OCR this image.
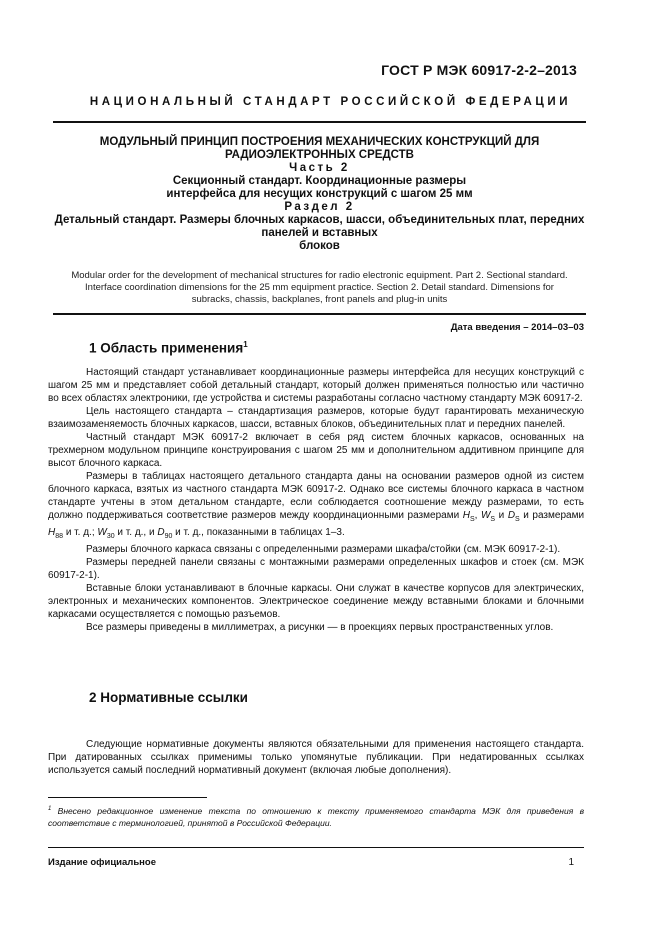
ГОСТ Р МЭК 60917-2-2–2013
НАЦИОНАЛЬНЫЙ СТАНДАРТ РОССИЙСКОЙ ФЕДЕРАЦИИ
МОДУЛЬНЫЙ ПРИНЦИП ПОСТРОЕНИЯ МЕХАНИЧЕСКИХ КОНСТРУКЦИЙ ДЛЯ
РАДИОЭЛЕКТРОННЫХ СРЕДСТВ
Часть 2
Секционный стандарт. Координационные размеры
интерфейса для несущих конструкций с шагом 25 мм
Раздел 2
Детальный стандарт. Размеры блочных каркасов, шасси, объединительных плат, передних
панелей и вставных
блоков
Modular order for the development of mechanical structures for radio electronic equipment. Part 2. Sectional standard.
Interface coordination dimensions for the 25 mm equipment practice. Section 2. Detail standard. Dimensions for
subracks, chassis, backplanes, front panels and plug-in units
Дата введения – 2014–03–03
1 Область применения$^1$

Настоящий стандарт устанавливает координационные размеры интерфейса для несущих конструкций с шагом 25 мм и представляет собой детальный стандарт, который должен применяться полностью или частично во всех областях электроники, где устройства и системы разработаны согласно частному стандарту МЭК 60917-2.

Цель настоящего стандарта – стандартизация размеров, которые будут гарантировать механическую взаимозаменяемость блочных каркасов, шасси, вставных блоков, объединительных плат и передних панелей.

Частный стандарт МЭК 60917-2 включает в себя ряд систем блочных каркасов, основанных на трехмерном модульном принципе конструирования с шагом 25 мм и дополнительном аддитивном принципе для высот блочного каркаса.

Размеры в таблицах настоящего детального стандарта даны на основании размеров одной из систем блочного каркаса, взятых из частного стандарта МЭК 60917-2. Однако все системы блочного каркаса в частном стандарте учтены в этом детальном стандарте, если соблюдается соотношение между размерами, то есть должно поддерживаться соответствие размеров между координационными размерами $H_S$, $W_S$ и $D_S$ и размерами $H_{88}$ и т. д.; $W_{30}$ и т. д., и $D_{90}$ и т. д., показанными в таблицах 1–3.

Размеры блочного каркаса связаны с определенными размерами шкафа/стойки (см. МЭК 60917-2-1).

Размеры передней панели связаны с монтажными размерами определенных шкафов и стоек (см. МЭК 60917-2-1).

Вставные блоки устанавливают в блочные каркасы. Они служат в качестве корпусов для электрических, электронных и механических компонентов. Электрическое соединение между вставными блоками и блочными каркасами осуществляется с помощью разъемов.

Все размеры приведены в миллиметрах, а рисунки — в проекциях первых пространственных углов.

2 Нормативные ссылки

Следующие нормативные документы являются обязательными для применения настоящего стандарта. При датированных ссылках применимы только упомянутые публикации. При недатированных ссылках используется самый последний нормативный документ (включая любые дополнения).

$^1$ Внесено редакционное изменение текста по отношению к тексту применяемого стандарта МЭК для приведения в соответствие с терминологией, принятой в Российской Федерации.
Издание официальное	1
